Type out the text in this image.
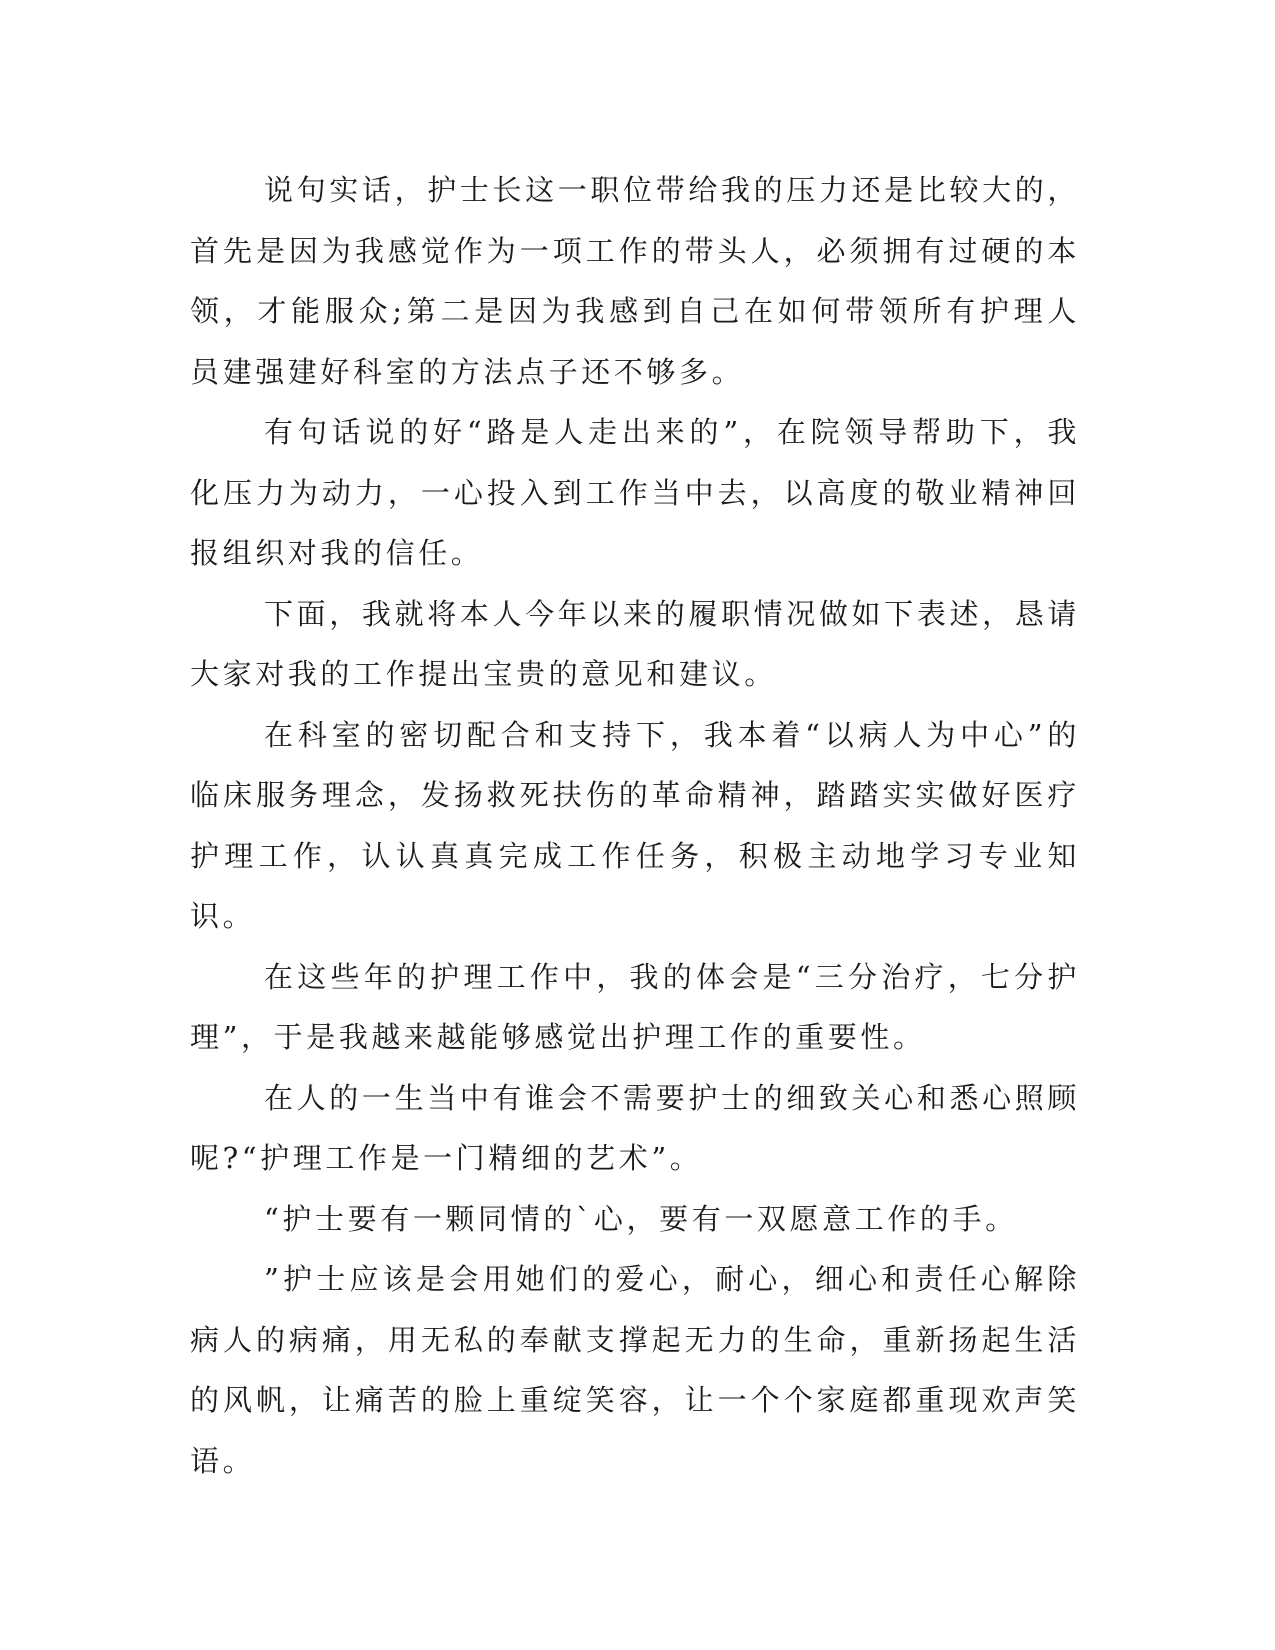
说句实话，护士长这一职位带给我的压力还是比较大的，首先是因为我感觉作为一项工作的带头人，必须拥有过硬的本领，才能服众;第二是因为我感到自己在如何带领所有护理人员建强建好科室的方法点子还不够多。

有句话说的好“路是人走出来的”，在院领导帮助下，我化压力为动力，一心投入到工作当中去，以高度的敬业精神回报组织对我的信任。

下面，我就将本人今年以来的履职情况做如下表述，恳请大家对我的工作提出宝贵的意见和建议。

在科室的密切配合和支持下，我本着“以病人为中心”的临床服务理念，发扬救死扶伤的革命精神，踏踏实实做好医疗护理工作，认认真真完成工作任务，积极主动地学习专业知识。

在这些年的护理工作中，我的体会是“三分治疗，七分护理”，于是我越来越能够感觉出护理工作的重要性。

在人的一生当中有谁会不需要护士的细致关心和悉心照顾呢?“护理工作是一门精细的艺术”。

“护士要有一颗同情的`心，要有一双愿意工作的手。

”护士应该是会用她们的爱心，耐心，细心和责任心解除病人的病痛，用无私的奉献支撑起无力的生命，重新扬起生活的风帆，让痛苦的脸上重绽笑容，让一个个家庭都重现欢声笑语。
